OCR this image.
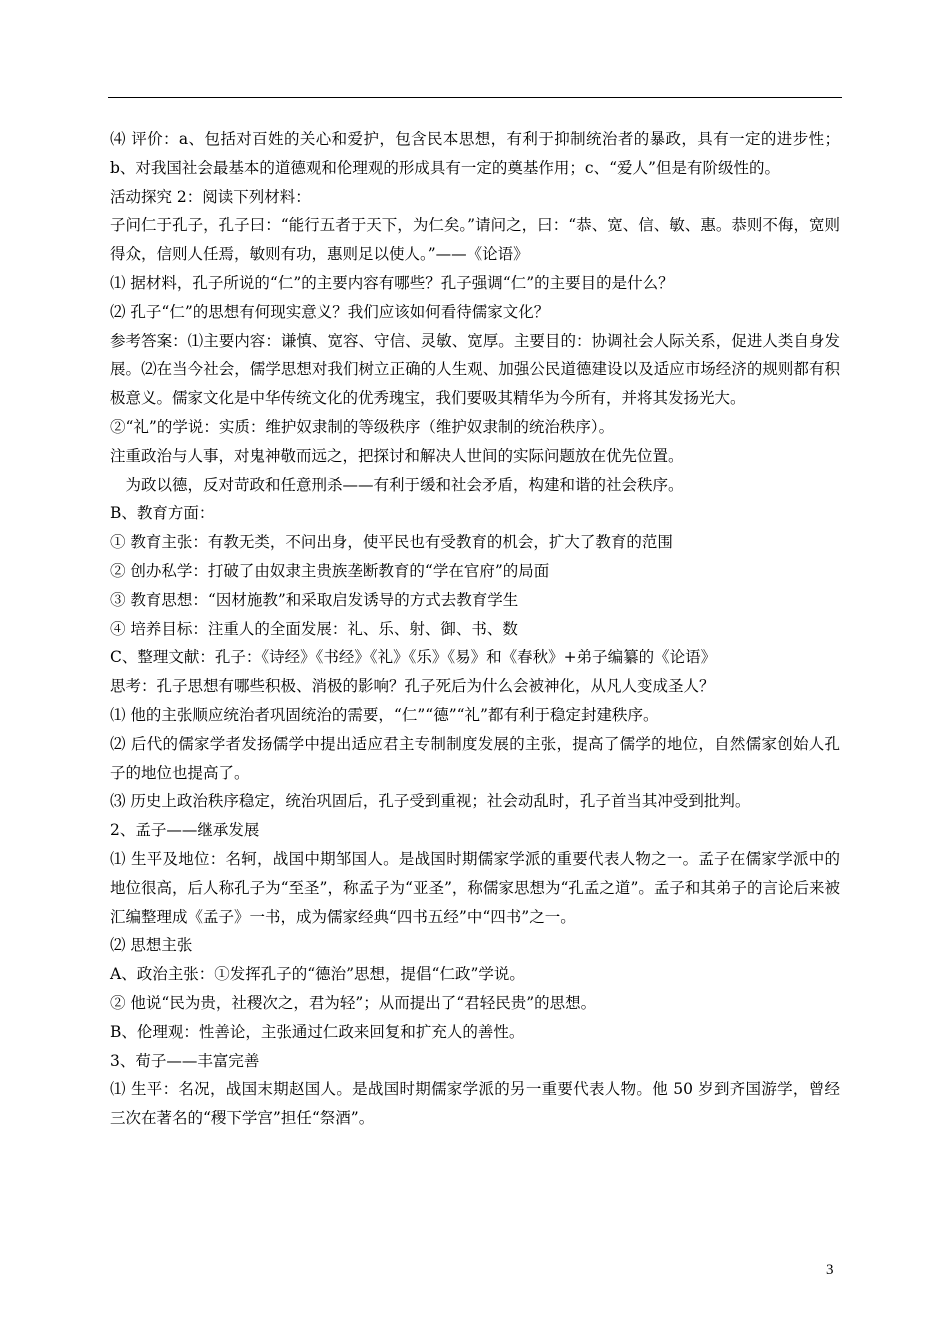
⑷ 评价：a、包括对百姓的关心和爱护，包含民本思想，有利于抑制统治者的暴政，具有一定的进步性；b、对我国社会最基本的道德观和伦理观的形成具有一定的奠基作用；c、“爱人”但是有阶级性的。

活动探究 2：阅读下列材料：

子问仁于孔子，孔子曰：“能行五者于天下，为仁矣。”请问之，曰：“恭、宽、信、敏、惠。恭则不侮，宽则得众，信则人任焉，敏则有功，惠则足以使人。”——《论语》

⑴ 据材料，孔子所说的“仁”的主要内容有哪些？孔子强调“仁”的主要目的是什么？

⑵ 孔子“仁”的思想有何现实意义？我们应该如何看待儒家文化？

参考答案：⑴主要内容：谦慎、宽容、守信、灵敏、宽厚。主要目的：协调社会人际关系，促进人类自身发展。⑵在当今社会，儒学思想对我们树立正确的人生观、加强公民道德建设以及适应市场经济的规则都有积极意义。儒家文化是中华传统文化的优秀瑰宝，我们要吸其精华为今所有，并将其发扬光大。

②“礼”的学说：实质：维护奴隶制的等级秩序（维护奴隶制的统治秩序）。

注重政治与人事，对鬼神敬而远之，把探讨和解决人世间的实际问题放在优先位置。

　为政以德，反对苛政和任意刑杀——有利于缓和社会矛盾，构建和谐的社会秩序。

B、教育方面：

① 教育主张：有教无类，不问出身，使平民也有受教育的机会，扩大了教育的范围

② 创办私学：打破了由奴隶主贵族垄断教育的“学在官府”的局面

③ 教育思想：“因材施教”和采取启发诱导的方式去教育学生

④ 培养目标：注重人的全面发展：礼、乐、射、御、书、数

C、整理文献：孔子：《诗经》《书经》《礼》《乐》《易》和《春秋》+弟子编纂的《论语》

思考：孔子思想有哪些积极、消极的影响？孔子死后为什么会被神化，从凡人变成圣人？

⑴ 他的主张顺应统治者巩固统治的需要，“仁”“德”“礼”都有利于稳定封建秩序。

⑵ 后代的儒家学者发扬儒学中提出适应君主专制制度发展的主张，提高了儒学的地位，自然儒家创始人孔子的地位也提高了。

⑶ 历史上政治秩序稳定，统治巩固后，孔子受到重视；社会动乱时，孔子首当其冲受到批判。

2、孟子——继承发展

⑴ 生平及地位：名轲，战国中期邹国人。是战国时期儒家学派的重要代表人物之一。孟子在儒家学派中的地位很高，后人称孔子为“至圣”，称孟子为“亚圣”，称儒家思想为“孔孟之道”。孟子和其弟子的言论后来被汇编整理成《孟子》一书，成为儒家经典“四书五经”中“四书”之一。

⑵ 思想主张

A、政治主张：①发挥孔子的“德治”思想，提倡“仁政”学说。

② 他说“民为贵，社稷次之，君为轻”；从而提出了“君轻民贵”的思想。

B、伦理观：性善论，主张通过仁政来回复和扩充人的善性。

3、荀子——丰富完善

⑴ 生平：名况，战国末期赵国人。是战国时期儒家学派的另一重要代表人物。他 50 岁到齐国游学，曾经三次在著名的“稷下学宫”担任“祭酒”。

3
